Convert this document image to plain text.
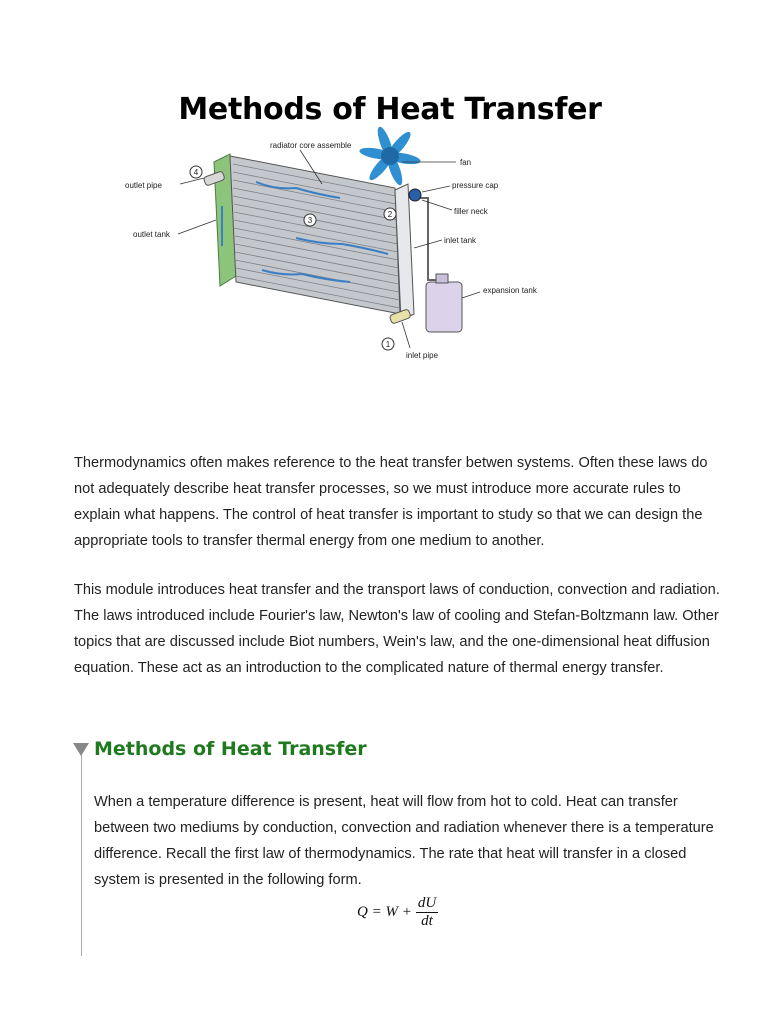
Methods of Heat Transfer
1
2
3
4
radiator core assemble
fan
pressure cap
filler neck
inlet tank
expansion tank
inlet pipe
outlet pipe
outlet tank

Thermodynamics often makes reference to the heat transfer betwen systems. Often these laws do not adequately describe heat transfer processes, so we must introduce more accurate rules to explain what happens. The control of heat transfer is important to study so that we can design the appropriate tools to transfer thermal energy from one medium to another.

This module introduces heat transfer and the transport laws of conduction, convection and radiation. The laws introduced include Fourier's law, Newton's law of cooling and Stefan-Boltzmann law. Other topics that are discussed include Biot numbers, Wein's law, and the one-dimensional heat diffusion equation. These act as an introduction to the complicated nature of thermal energy transfer.

Methods of Heat Transfer

When a temperature difference is present, heat will flow from hot to cold. Heat can transfer between two mediums by conduction, convection and radiation whenever there is a temperature difference. Recall the first law of thermodynamics. The rate that heat will transfer in a closed system is presented in the following form.

$Q = W + \frac{dU}{dt}$
